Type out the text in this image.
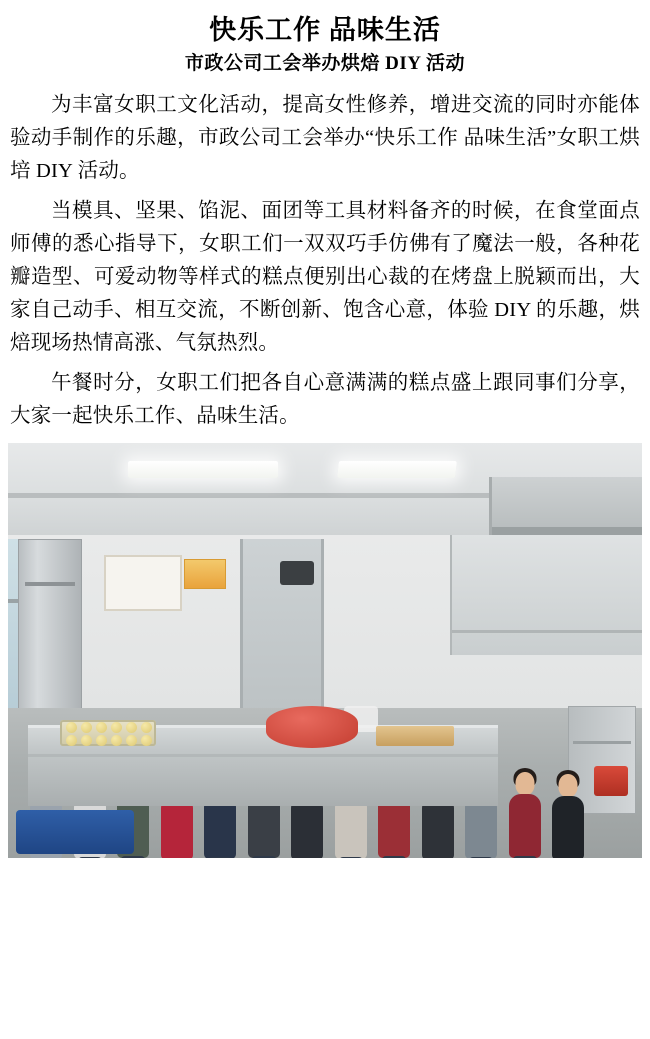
快乐工作 品味生活
市政公司工会举办烘焙 DIY 活动

为丰富女职工文化活动，提高女性修养，增进交流的同时亦能体验动手制作的乐趣，市政公司工会举办“快乐工作 品味生活”女职工烘培 DIY 活动。

当模具、坚果、馅泥、面团等工具材料备齐的时候，在食堂面点师傅的悉心指导下，女职工们一双双巧手仿佛有了魔法一般，各种花瓣造型、可爱动物等样式的糕点便别出心裁的在烤盘上脱颖而出，大家自己动手、相互交流，不断创新、饱含心意，体验 DIY 的乐趣，烘焙现场热情高涨、气氛热烈。

午餐时分，女职工们把各自心意满满的糕点盛上跟同事们分享，大家一起快乐工作、品味生活。
